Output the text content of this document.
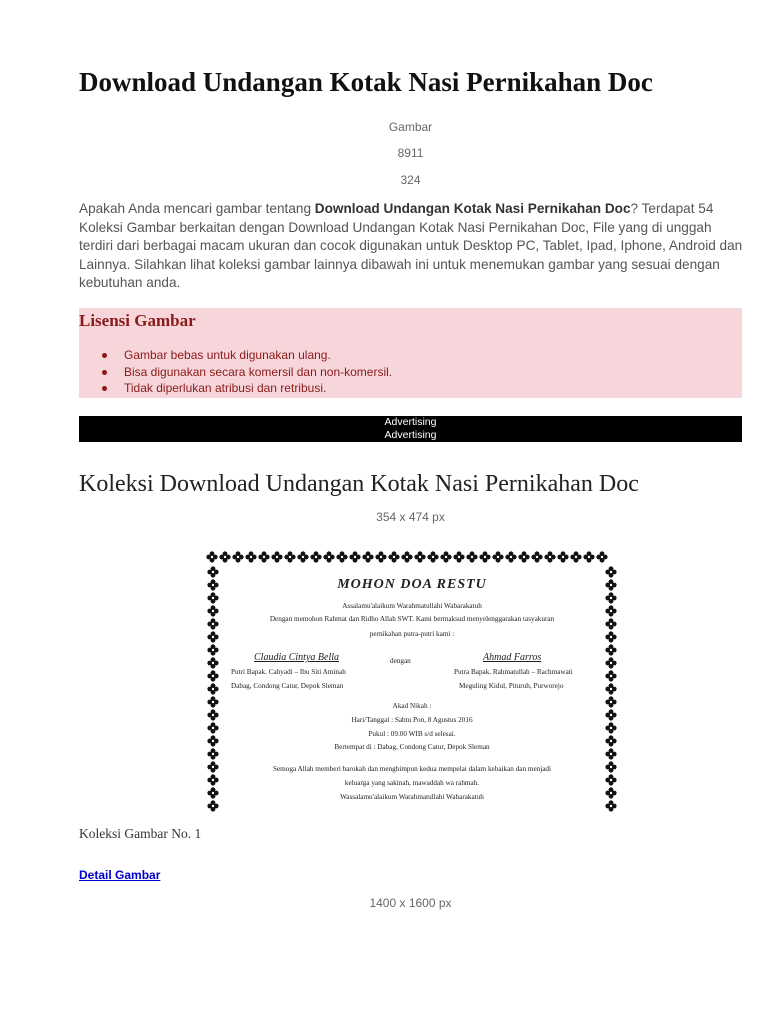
Download Undangan Kotak Nasi Pernikahan Doc
Gambar
8911
324

Apakah Anda mencari gambar tentang Download Undangan Kotak Nasi Pernikahan Doc? Terdapat 54 Koleksi Gambar berkaitan dengan Download Undangan Kotak Nasi Pernikahan Doc, File yang di unggah terdiri dari berbagai macam ukuran dan cocok digunakan untuk Desktop PC, Tablet, Ipad, Iphone, Android dan Lainnya. Silahkan lihat koleksi gambar lainnya dibawah ini untuk menemukan gambar yang sesuai dengan kebutuhan anda.

Lisensi Gambar
Gambar bebas untuk digunakan ulang.
Bisa digunakan secara komersil dan non-komersil.
Tidak diperlukan atribusi dan retribusi.
Advertising
Advertising
Koleksi Download Undangan Kotak Nasi Pernikahan Doc
354 x 474 px
MOHON DOA RESTU
Assalamu'alaikum Warahmatullahi Wabarakatuh
Dengan memohon Rahmat dan Ridho Allah SWT. Kami bermaksud menyelenggarakan tasyakuran
pernikahan putra-putri kami :
Claudia Cintya Bella
Putri Bapak. Cahyadi – Ibu Siti Aminah
Dabag, Condong Catur, Depok Sleman
dengan	Ahmad Farros
Putra Bapak. Rahmatullah – Rachmawati
Meguling Kidul, Pituruh, Purworejo
Akad Nikah :
Hari/Tanggal : Sabtu Pon, 8 Agustus 2016
Pukul : 09.00 WIB s/d selesai.
Bertempat di : Dabag, Condong Catur, Depok Sleman
Semoga Allah memberi barokah dan menghimpun kedua mempelai dalam kebaikan dan menjadi
keluarga yang sakinah, mawaddah wa rahmah.
Wassalamu'alaikum Warahmatullahi Wabarakatuh
Koleksi Gambar No. 1
Detail Gambar
1400 x 1600 px
